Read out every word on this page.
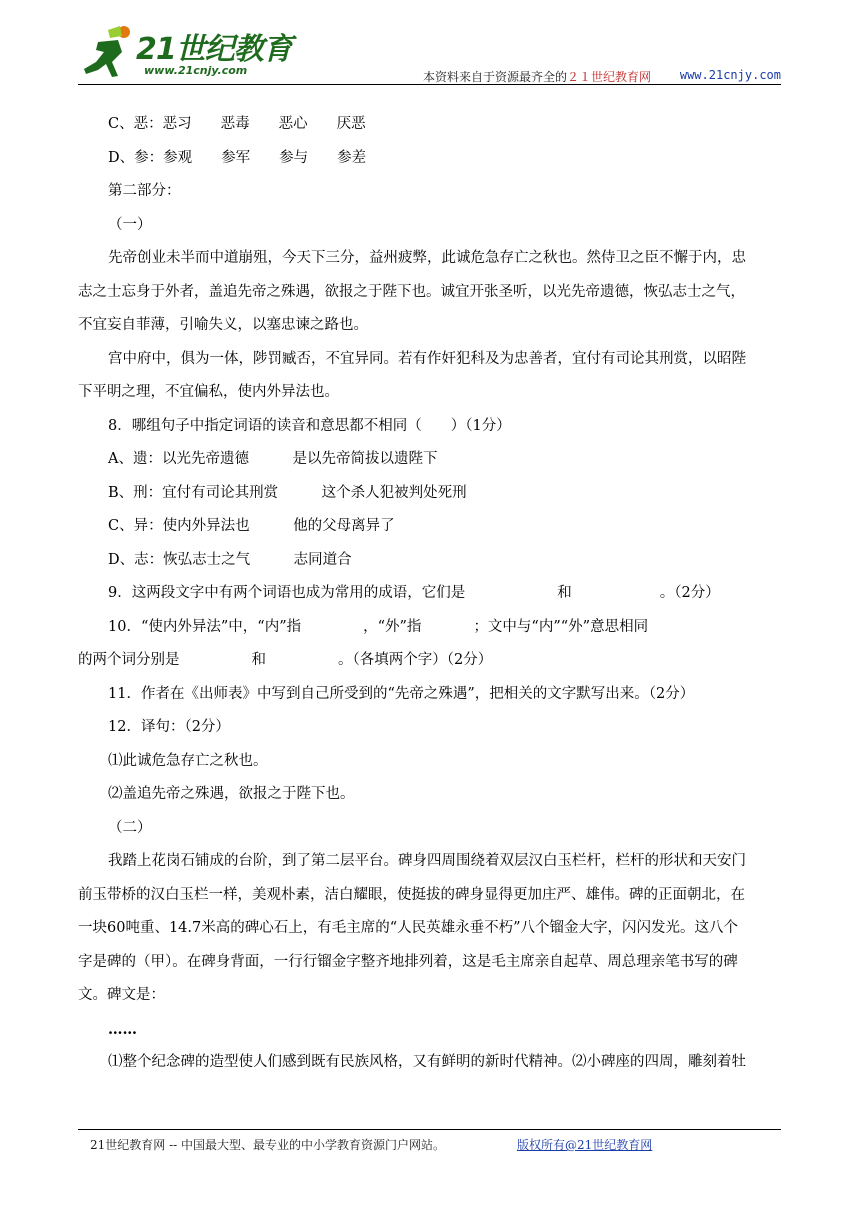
21世纪教育
www.21cnjy.com	本资料来自于资源最齐全的２１世纪教育网 www.21cnjy.com
C、恶：恶习　　恶毒　　恶心　　厌恶
D、参：参观　　参军　　参与　　参差
第二部分：
（一）
先帝创业未半而中道崩殂，今天下三分，益州疲弊，此诚危急存亡之秋也。然侍卫之臣不懈于内，忠
志之士忘身于外者，盖追先帝之殊遇，欲报之于陛下也。诚宜开张圣听，以光先帝遗德，恢弘志士之气，
不宜妄自菲薄，引喻失义，以塞忠谏之路也。
宫中府中，俱为一体，陟罚臧否，不宜异同。若有作奸犯科及为忠善者，宜付有司论其刑赏，以昭陛
下平明之理，不宜偏私，使内外异法也。
8．哪组句子中指定词语的读音和意思都不相同（　　）（1分）
A、遗：以光先帝遗德　　　是以先帝简拔以遗陛下
B、刑：宜付有司论其刑赏　　　这个杀人犯被判处死刑
C、异：使内外异法也　　　他的父母离异了
D、志：恢弘志士之气　　　志同道合
9．这两段文字中有两个词语也成为常用的成语，它们是	和	。（2分）
10．“使内外异法”中，“内”指	，“外”指	；文中与“内”“外”意思相同
的两个词分别是	和	。（各填两个字）（2分）
11．作者在《出师表》中写到自己所受到的“先帝之殊遇”，把相关的文字默写出来。（2分）
12．译句：（2分）
⑴此诚危急存亡之秋也。
⑵盖追先帝之殊遇，欲报之于陛下也。
（二）
我踏上花岗石铺成的台阶，到了第二层平台。碑身四周围绕着双层汉白玉栏杆，栏杆的形状和天安门
前玉带桥的汉白玉栏一样，美观朴素，洁白耀眼，使挺拔的碑身显得更加庄严、雄伟。碑的正面朝北，在
一块60吨重、14.7米高的碑心石上，有毛主席的“人民英雄永垂不朽”八个镏金大字，闪闪发光。这八个
字是碑的（甲）。在碑身背面，一行行镏金字整齐地排列着，这是毛主席亲自起草、周总理亲笔书写的碑
文。碑文是：
……
⑴整个纪念碑的造型使人们感到既有民族风格，又有鲜明的新时代精神。⑵小碑座的四周，雕刻着牡
21世纪教育网 -- 中国最大型、最专业的中小学教育资源门户网站。	版权所有@21世纪教育网
